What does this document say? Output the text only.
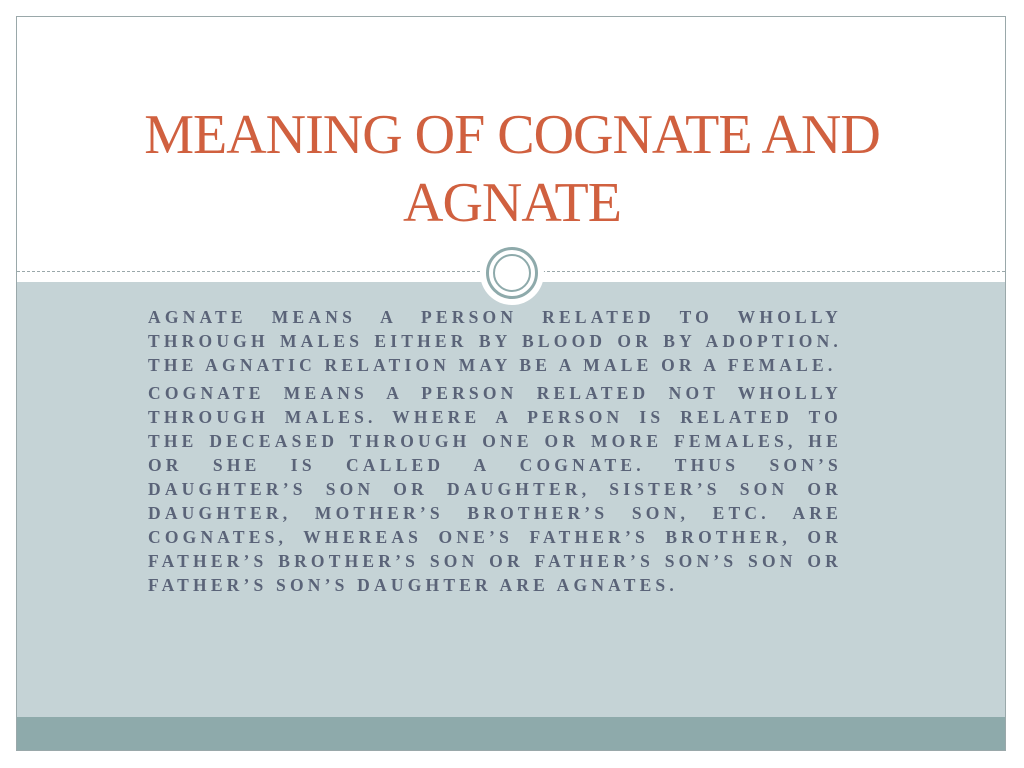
MEANING OF COGNATE AND AGNATE

AGNATE MEANS A PERSON RELATED TO WHOLLY THROUGH MALES EITHER BY BLOOD OR BY ADOPTION. THE AGNATIC RELATION MAY BE A MALE OR A FEMALE.

COGNATE MEANS A PERSON RELATED NOT WHOLLY THROUGH MALES. WHERE A PERSON IS RELATED TO THE DECEASED THROUGH ONE OR MORE FEMALES, HE OR SHE IS CALLED A COGNATE. THUS SON’S DAUGHTER’S SON OR DAUGHTER, SISTER’S SON OR DAUGHTER, MOTHER’S BROTHER’S SON, ETC. ARE COGNATES, WHEREAS ONE’S FATHER’S BROTHER, OR FATHER’S BROTHER’S SON OR FATHER’S SON’S SON OR FATHER’S SON’S DAUGHTER ARE AGNATES.
